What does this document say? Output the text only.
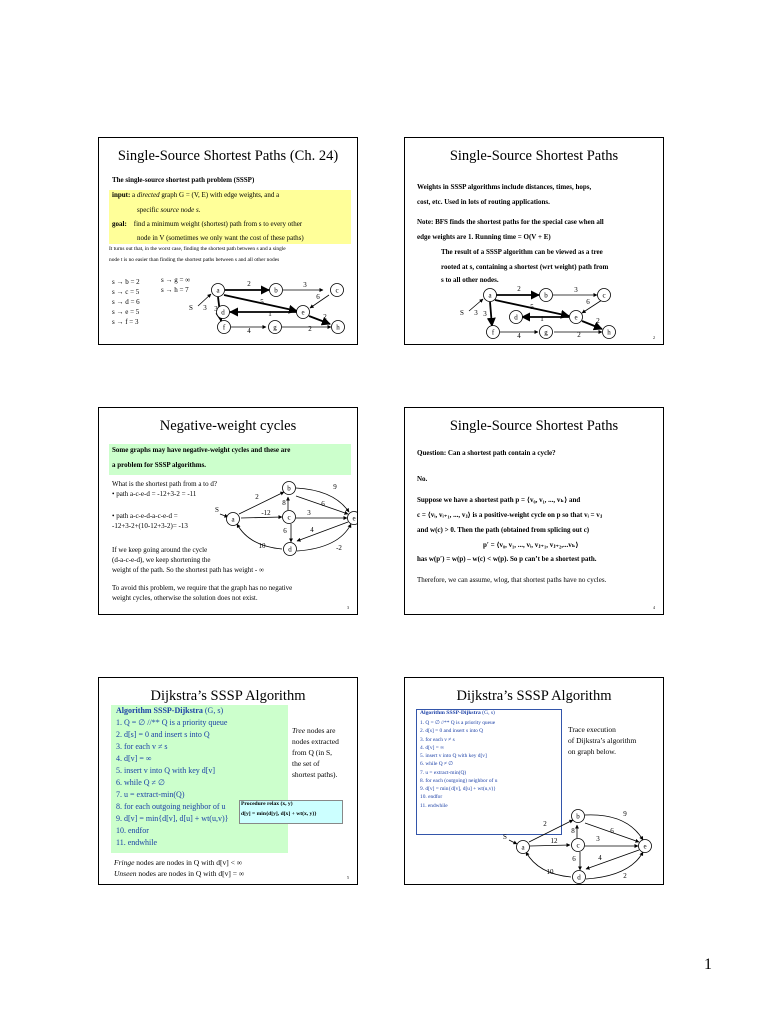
Single-Source Shortest Paths (Ch. 24)
The single-source shortest path problem (SSSP)
input: a directed graph G = (V, E) with edge weights, and a
specific source node s.
goal: find a minimum weight (shortest) path from s to every other
node in V (sometimes we only want the cost of these paths)
It turns out that, in the worst case, finding the shortest path between s and a single
node t is no easier than finding the shortest paths between s and all other nodes
s → b = 2
s → c = 5
s → d = 6
s → e = 5
s → f = 3
s → g = ∞
s → h = 7	a	b	c
d	e
f	g	h
S
2	3
6
5
1
3
2
4
2
3
Single-Source Shortest Paths
Weights in SSSP algorithms include distances, times, hops,
cost, etc. Used in lots of routing applications.
Note: BFS finds the shortest paths for the special case when all
edge weights are 1. Running time = O(V + E)
The result of a SSSP algorithm can be viewed as a tree
rooted at s, containing a shortest (wrt weight) path from
s to all other nodes.
a	b	c
d	e
f	g	h
S
2	3
6
5
1
3
2
4
2
3
2
Negative-weight cycles
Some graphs may have negative-weight cycles and these are
a problem for SSSP algorithms.
What is the shortest path from a to d?
• path a-c-e-d = -12+3-2 = -11
• path a-c-e-d-a-c-e-d =
-12+3-2+(10-12+3-2)= -13
If we keep going around the cycle
(d-a-c-e-d), we keep shortening the
weight of the path. So the shortest path has weight - ∞
To avoid this problem, we require that the graph has no negative
weight cycles, otherwise the solution does not exist.
a
b
c
d
e
S
2
9
8	6
-12	3
6	4
10	-2
3
Single-Source Shortest Paths
Question: Can a shortest path contain a cycle?
No.
Suppose we have a shortest path p = ⟨v₀, v₁, ..., vₖ⟩ and
c = ⟨vᵢ, vᵢ₊₁, ..., vⱼ⟩ is a positive-weight cycle on p so that vᵢ = vⱼ
and w(c) > 0. Then the path (obtained from splicing out c)
p′ = ⟨v₀, v₁, ..., vᵢ, vⱼ₊₁, vⱼ₊₂,...vₖ⟩
has w(p′) = w(p) – w(c) < w(p). So p can’t be a shortest path.
Therefore, we can assume, wlog, that shortest paths have no cycles.
4
Dijkstra’s SSSP Algorithm
Algorithm SSSP-Dijkstra (G, s)
1. Q = ∅ //** Q is a priority queue
2. d[s] = 0 and insert s into Q
3. for each v ≠ s
4. d[v] = ∞
5. insert v into Q with key d[v]
6. while Q ≠ ∅
7. u = extract-min(Q)
8. for each outgoing neighbor of u
9. d[v] = min{d[v], d[u] + wt(u,v)}
10. endfor
11. endwhile
Tree nodes are
nodes extracted
from Q (in S,
the set of
shortest paths).
Procedure relax (x, y)
d[y] = min{d[y], d[x] + wt(x, y)}
Fringe nodes are nodes in Q with d[v] < ∞
Unseen nodes are nodes in Q with d[v] = ∞	5
Dijkstra’s SSSP Algorithm
Algorithm SSSP-Dijkstra (G, s)
1. Q = ∅ //** Q is a priority queue
2. d[s] = 0 and insert s into Q
3. for each v ≠ s
4. d[v] = ∞
5. insert v into Q with key d[v]
6. while Q ≠ ∅
7. u = extract-min(Q)
8. for each (outgoing) neighbor of u
9. d[v] = min{d[v], d[u] + wt(u,v)}
10. endfor
11. endwhile
Trace execution
of Dijkstra’s algorithm
on graph below.
a
b
c
d
e
S
2
9
8	6
12	3
6	4
10	2
1
